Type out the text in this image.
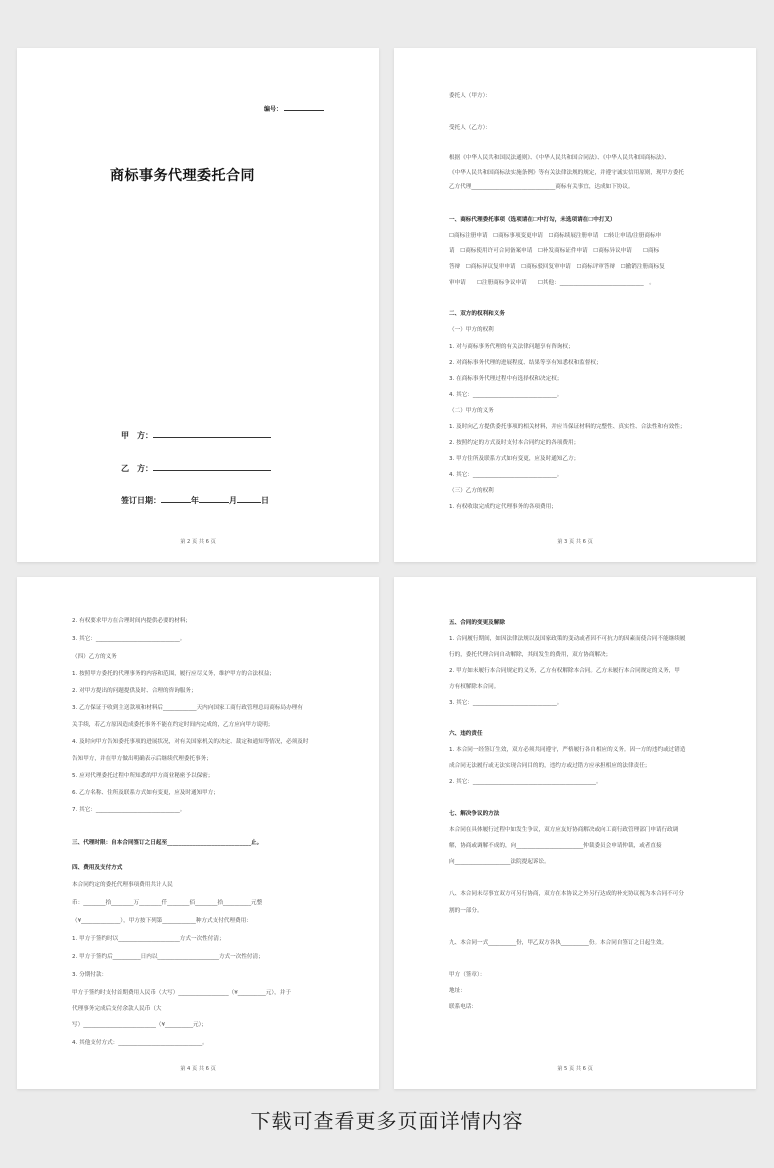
编号：
商标事务代理委托合同
甲　方：
乙　方：
签订日期：	年	月	日
第 2 页 共 6 页
委托人（甲方）：
受托人（乙方）：
根据《中华人民共和国民法通则》、《中华人民共和国合同法》、《中华人民共和国商标法》、
《中华人民共和国商标法实施条例》等有关法律法规的规定，并遵守诚实信用原则，现甲方委托
乙方代理______________________________商标有关事宜，达成如下协议。
一、商标代理委托事项（选项请在☐中打勾，未选项请在☐中打叉）
☐商标注册申请　☐商标事项变更申请　☐商标续展注册申请　☐转让申请/注册商标申
请　☐商标使用许可合同备案申请　☐补发商标证件申请　☐商标异议申请　　☐商标
答辩　☐商标异议复审申请　☐商标驳回复审申请　☐商标评审答辩　☐撤销注册商标复
审申请　　☐注册商标争议申请　　☐其他：______________________________　。
二、双方的权利和义务
（一）甲方的权利
1. 对与商标事务代理的有关法律问题享有咨询权；
2. 对商标事务代理的进展程度、结果等享有知悉权和监督权；
3. 在商标事务代理过程中有选择权和决定权；
4. 其它：______________________________。
（二）甲方的义务
1. 及时向乙方提供委托事项的相关材料，并应当保证材料的完整性、真实性、合法性和有效性；
2. 按照约定的方式及时支付本合同约定的各项费用；
3. 甲方住所及联系方式如有变更，应及时通知乙方；
4. 其它：______________________________。
（三）乙方的权利
1. 有权收取完成约定代理事务的各项费用；
第 3 页 共 6 页
2. 有权要求甲方在合理时间内提供必要的材料；
3. 其它：______________________________。
（四）乙方的义务
1. 按照甲方委托的代理事务的内容和范围，履行应尽义务，维护甲方的合法权益；
2. 对甲方提出的问题提供及时、合理的咨询服务；
3. 乙方保证于收到主送款项和材料后____________天内向国家工商行政管理总局商标局办理有
关手续，若乙方原因造成委托事务不能在约定时间内完成的，乙方应向甲方说明；
4. 及时向甲方告知委托事项的进展状况，对有关国家机关的决定、裁定和通知等情况，必须及时
告知甲方，并在甲方做出明确表示后继续代理委托事务；
5. 应对代理委托过程中所知悉的甲方商业秘密予以保密；
6. 乙方名称、住所及联系方式如有变更，应及时通知甲方；
7. 其它：______________________________。
三、代理时限：自本合同签订之日起至______________________________止。
四、费用及支付方式
本合同约定的委托代理事项费用共计人民
币：________拾________万________仟________佰________拾__________元整
（¥______________），甲方按下列第____________种方式支付代理费用：
1. 甲方于签约时以______________________方式一次性付清；
2. 甲方于签约后__________日内以______________________方式一次性付清；
3. 分期付款：
甲方于签约时支付首期费用人民币（大写）__________________（¥__________元），并于
代理事务完成后支付余款人民币（大
写）__________________________（¥__________元）；
4. 其他支付方式：______________________________。
第 4 页 共 6 页
五、合同的变更及解除
1. 合同履行期间，如因法律法规以及国家政策的变动或者因不可抗力的因素而使合同不能继续履
行的，委托代理合同自动解除，其间发生的费用，双方协商解决；
2. 甲方如未履行本合同规定的义务，乙方有权解除本合同。乙方未履行本合同规定的义务，甲
方有权解除本合同。
3. 其它：______________________________。
六、违约责任
1. 本合同一经签订生效，双方必须共同遵守，严格履行各自相应的义务。因一方的违约或过错造
成合同无法履行或无法实现合同目的的，违约方或过错方应承担相应的法律责任；
2. 其它：____________________________________________。
七、解决争议的方法
本合同在具体履行过程中如发生争议，双方应友好协商解决或向工商行政管理部门申请行政调
解，协商或调解不成的，向________________________仲裁委员会申请仲裁，或者直接
向____________________法院提起诉讼。
八、本合同未尽事宜双方可另行协商，双方在本协议之外另行达成的补充协议视为本合同不可分
割的一部分。
九、本合同一式__________份，甲乙双方各执__________份。本合同自签订之日起生效。
甲方（签章）：
地址：
联系电话：
第 5 页 共 6 页
下载可查看更多页面详情内容
